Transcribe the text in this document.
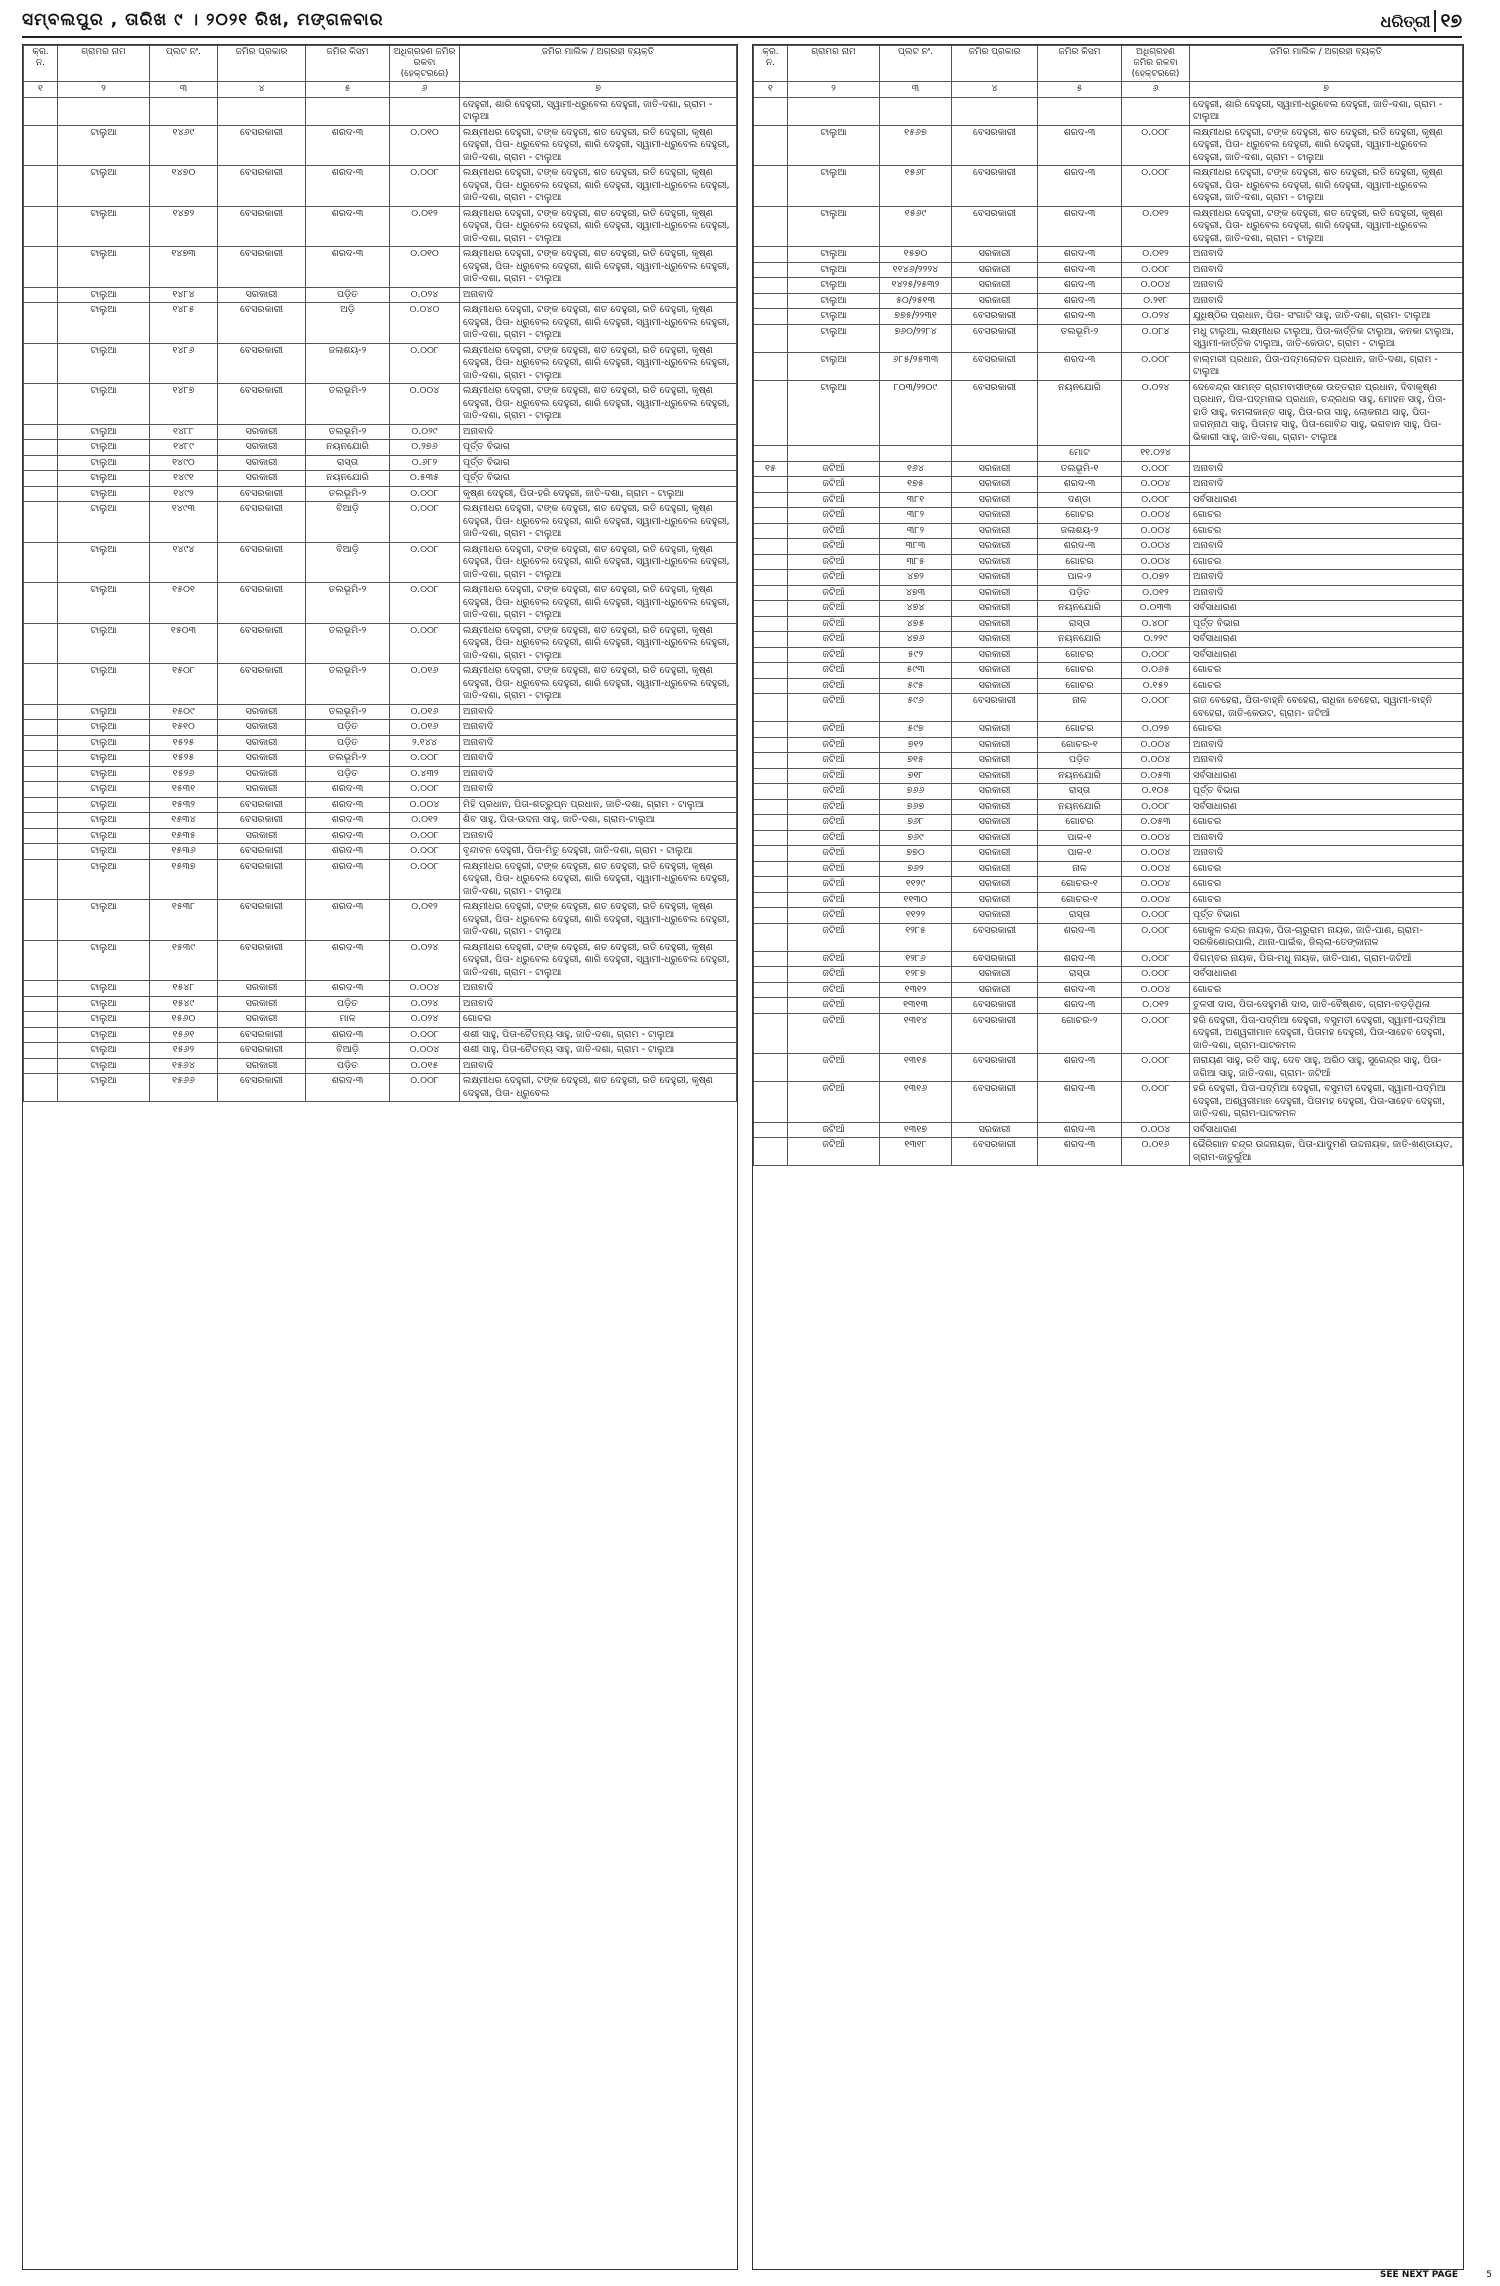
ସମ୍ବଲପୁର , ତାରିଖ ୯ । ୨୦୨୧ ରିଖ, ମଙ୍ଗଳବାର	ଧରିତ୍ରୀ ୧୭
କ୍ର. ନ.	ଗ୍ରାମର ନାମ	ପ୍ଲଟ ନଂ.	ଜମିର ପ୍ରକାର	ଜମିର କିସମ	ଅଧିଗ୍ରହଣ ଜମିର ରକବା (ହେକ୍ଟରରେ)	ଜମିର ମାଲିକ / ଅଗ୍ରହୀ ବ୍ୟକ୍ତି
୧	୨	୩	୪	୫	୬	୭
						ଦେହୁରୀ, ଶାରି ଦେହୁରୀ, ସ୍ୱାମୀ-ଧ୍ରୁବେଲ ଦେହୁରୀ, ଜାତି-ଦଶା, ଗ୍ରାମ - ଟାଲୁଆ
	ଟାଲୁଆ	୧୪୬୯	ବେସରକାରୀ	ଶରଦ-୩	୦.୦୧୦	ଲକ୍ଷ୍ମୀଧର ଦେହୁରୀ, ଟଙ୍କ ଦେହୁରୀ, ଶତ ଦେହୁରୀ, ରତି ଦେହୁରୀ, କୃଷ୍ଣ ଦେହୁରୀ, ପିତା- ଧ୍ରୁବେଲ ଦେହୁରୀ, ଶାରି ଦେହୁରୀ, ସ୍ୱାମୀ-ଧ୍ରୁବେଲ ଦେହୁରୀ, ଜାତି-ଦଶା, ଗ୍ରାମ - ଟାଲୁଆ
	ଟାଲୁଆ	୧୪୭୦	ବେସରକାରୀ	ଶରଦ-୩	୦.୦୦୮	ଲକ୍ଷ୍ମୀଧର ଦେହୁରୀ, ଟଙ୍କ ଦେହୁରୀ, ଶତ ଦେହୁରୀ, ରତି ଦେହୁରୀ, କୃଷ୍ଣ ଦେହୁରୀ, ପିତା- ଧ୍ରୁବେଲ ଦେହୁରୀ, ଶାରି ଦେହୁରୀ, ସ୍ୱାମୀ-ଧ୍ରୁବେଲ ଦେହୁରୀ, ଜାତି-ଦଶା, ଗ୍ରାମ - ଟାଲୁଆ
	ଟାଲୁଆ	୧୪୭୨	ବେସରକାରୀ	ଶରଦ-୩	୦.୦୧୨	ଲକ୍ଷ୍ମୀଧର ଦେହୁରୀ, ଟଙ୍କ ଦେହୁରୀ, ଶତ ଦେହୁରୀ, ରତି ଦେହୁରୀ, କୃଷ୍ଣ ଦେହୁରୀ, ପିତା- ଧ୍ରୁବେଲ ଦେହୁରୀ, ଶାରି ଦେହୁରୀ, ସ୍ୱାମୀ-ଧ୍ରୁବେଲ ଦେହୁରୀ, ଜାତି-ଦଶା, ଗ୍ରାମ - ଟାଲୁଆ
	ଟାଲୁଆ	୧୪୭୩	ବେସରକାରୀ	ଶରଦ-୩	୦.୦୧୦	ଲକ୍ଷ୍ମୀଧର ଦେହୁରୀ, ଟଙ୍କ ଦେହୁରୀ, ଶତ ଦେହୁରୀ, ରତି ଦେହୁରୀ, କୃଷ୍ଣ ଦେହୁରୀ, ପିତା- ଧ୍ରୁବେଲ ଦେହୁରୀ, ଶାରି ଦେହୁରୀ, ସ୍ୱାମୀ-ଧ୍ରୁବେଲ ଦେହୁରୀ, ଜାତି-ଦଶା, ଗ୍ରାମ - ଟାଲୁଆ
	ଟାଲୁଆ	୧୪୮୪	ସରକାରୀ	ପଡ଼ିତ	୦.୦୨୪	ଅନାବାଦି
	ଟାଲୁଆ	୧୪୮୫	ବେସରକାରୀ	ଅଡ଼ି	୦.୦୪୦	ଲକ୍ଷ୍ମୀଧର ଦେହୁରୀ, ଟଙ୍କ ଦେହୁରୀ, ଶତ ଦେହୁରୀ, ରତି ଦେହୁରୀ, କୃଷ୍ଣ ଦେହୁରୀ, ପିତା- ଧ୍ରୁବେଲ ଦେହୁରୀ, ଶାରି ଦେହୁରୀ, ସ୍ୱାମୀ-ଧ୍ରୁବେଲ ଦେହୁରୀ, ଜାତି-ଦଶା, ଗ୍ରାମ - ଟାଲୁଆ
	ଟାଲୁଆ	୧୪୮୬	ବେସରକାରୀ	ଜଳାଶୟ-୨	୦.୦୦୮	ଲକ୍ଷ୍ମୀଧର ଦେହୁରୀ, ଟଙ୍କ ଦେହୁରୀ, ଶତ ଦେହୁରୀ, ରତି ଦେହୁରୀ, କୃଷ୍ଣ ଦେହୁରୀ, ପିତା- ଧ୍ରୁବେଲ ଦେହୁରୀ, ଶାରି ଦେହୁରୀ, ସ୍ୱାମୀ-ଧ୍ରୁବେଲ ଦେହୁରୀ, ଜାତି-ଦଶା, ଗ୍ରାମ - ଟାଲୁଆ
	ଟାଲୁଆ	୧୪୮୭	ବେସରକାରୀ	ତଲଭୂମି-୨	୦.୦୦୪	ଲକ୍ଷ୍ମୀଧର ଦେହୁରୀ, ଟଙ୍କ ଦେହୁରୀ, ଶତ ଦେହୁରୀ, ରତି ଦେହୁରୀ, କୃଷ୍ଣ ଦେହୁରୀ, ପିତା- ଧ୍ରୁବେଲ ଦେହୁରୀ, ଶାରି ଦେହୁରୀ, ସ୍ୱାମୀ-ଧ୍ରୁବେଲ ଦେହୁରୀ, ଜାତି-ଦଶା, ଗ୍ରାମ - ଟାଲୁଆ
	ଟାଲୁଆ	୧୪୮୮	ସରକାରୀ	ତଲଭୂମି-୨	୦.୦୨୯	ଅନାବାଦି
	ଟାଲୁଆ	୧୪୮୯	ସରକାରୀ	ନୟନଯୋରି	୦.୨୭୬	ପୂର୍ତ୍ତ ବିଭାଗ
	ଟାଲୁଆ	୧୪୯୦	ସରକାରୀ	ରାସ୍ତା	୦.୬୮୨	ପୂର୍ତ୍ତ ବିଭାଗ
	ଟାଲୁଆ	୧୪୯୧	ସରକାରୀ	ନୟନଯୋରି	୦.୫୩୫	ପୂର୍ତ୍ତ ବିଭାଗ
	ଟାଲୁଆ	୧୪୯୨	ବେସରକାରୀ	ତଲଭୂମି-୨	୦.୦୦୮	କୃଷ୍ଣ ଦେହୁରୀ, ପିତା-ହରି ଦେହୁରୀ, ଜାତି-ଦଶା, ଗ୍ରାମ - ଟାଲୁଆ
	ଟାଲୁଆ	୧୪୯୩	ବେସରକାରୀ	ବିଆଡ଼ି	୦.୦୦୮	ଲକ୍ଷ୍ମୀଧର ଦେହୁରୀ, ଟଙ୍କ ଦେହୁରୀ, ଶତ ଦେହୁରୀ, ରତି ଦେହୁରୀ, କୃଷ୍ଣ ଦେହୁରୀ, ପିତା- ଧ୍ରୁବେଲ ଦେହୁରୀ, ଶାରି ଦେହୁରୀ, ସ୍ୱାମୀ-ଧ୍ରୁବେଲ ଦେହୁରୀ, ଜାତି-ଦଶା, ଗ୍ରାମ - ଟାଲୁଆ
	ଟାଲୁଆ	୧୪୯୪	ବେସରକାରୀ	ବିଆଡ଼ି	୦.୦୦୮	ଲକ୍ଷ୍ମୀଧର ଦେହୁରୀ, ଟଙ୍କ ଦେହୁରୀ, ଶତ ଦେହୁରୀ, ରତି ଦେହୁରୀ, କୃଷ୍ଣ ଦେହୁରୀ, ପିତା- ଧ୍ରୁବେଲ ଦେହୁରୀ, ଶାରି ଦେହୁରୀ, ସ୍ୱାମୀ-ଧ୍ରୁବେଲ ଦେହୁରୀ, ଜାତି-ଦଶା, ଗ୍ରାମ - ଟାଲୁଆ
	ଟାଲୁଆ	୧୫୦୧	ବେସରକାରୀ	ତଲଭୂମି-୨	୦.୦୦୮	ଲକ୍ଷ୍ମୀଧର ଦେହୁରୀ, ଟଙ୍କ ଦେହୁରୀ, ଶତ ଦେହୁରୀ, ରତି ଦେହୁରୀ, କୃଷ୍ଣ ଦେହୁରୀ, ପିତା- ଧ୍ରୁବେଲ ଦେହୁରୀ, ଶାରି ଦେହୁରୀ, ସ୍ୱାମୀ-ଧ୍ରୁବେଲ ଦେହୁରୀ, ଜାତି-ଦଶା, ଗ୍ରାମ - ଟାଲୁଆ
	ଟାଲୁଆ	୧୫୦୩	ବେସରକାରୀ	ତଲଭୂମି-୨	୦.୦୦୮	ଲକ୍ଷ୍ମୀଧର ଦେହୁରୀ, ଟଙ୍କ ଦେହୁରୀ, ଶତ ଦେହୁରୀ, ରତି ଦେହୁରୀ, କୃଷ୍ଣ ଦେହୁରୀ, ପିତା- ଧ୍ରୁବେଲ ଦେହୁରୀ, ଶାରି ଦେହୁରୀ, ସ୍ୱାମୀ-ଧ୍ରୁବେଲ ଦେହୁରୀ, ଜାତି-ଦଶା, ଗ୍ରାମ - ଟାଲୁଆ
	ଟାଲୁଆ	୧୫୦୮	ବେସରକାରୀ	ତଲଭୂମି-୨	୦.୦୧୬	ଲକ୍ଷ୍ମୀଧର ଦେହୁରୀ, ଟଙ୍କ ଦେହୁରୀ, ଶତ ଦେହୁରୀ, ରତି ଦେହୁରୀ, କୃଷ୍ଣ ଦେହୁରୀ, ପିତା- ଧ୍ରୁବେଲ ଦେହୁରୀ, ଶାରି ଦେହୁରୀ, ସ୍ୱାମୀ-ଧ୍ରୁବେଲ ଦେହୁରୀ, ଜାତି-ଦଶା, ଗ୍ରାମ - ଟାଲୁଆ
	ଟାଲୁଆ	୧୫୦୯	ସରକାରୀ	ତଲଭୂମି-୨	୦.୦୧୬	ଅନାବାଦି
	ଟାଲୁଆ	୧୫୧୦	ସରକାରୀ	ପଡ଼ିତ	୦.୦୧୬	ଅନାବାଦି
	ଟାଲୁଆ	୧୫୨୫	ସରକାରୀ	ପଡ଼ିତ	୨.୧୪୪	ଅନାବାଦି
	ଟାଲୁଆ	୧୫୨୫	ସରକାରୀ	ତଲଭୂମି-୨	୦.୦୦୮	ଅନାବାଦି
	ଟାଲୁଆ	୧୫୨୬	ସରକାରୀ	ପଡ଼ିତ	୦.୪୩୨	ଅନାବାଦି
	ଟାଲୁଆ	୧୫୩୧	ସରକାରୀ	ଶରଦ-୩	୦.୦୦୮	ଅନାବାଦି
	ଟାଲୁଆ	୧୫୩୨	ବେସରକାରୀ	ଶରଦ-୩	୦.୦୦୪	ମିହି ପ୍ରଧାନ, ପିତା-ଶତ୍ରୁଘ୍ନ ପ୍ରଧାନ, ଜାତି-ଦଶା, ଗ୍ରାମ - ଟାଲୁଆ
	ଟାଲୁଆ	୧୫୩୪	ବେସରକାରୀ	ଶରଦ-୩	୦.୦୧୨	ଶିବ ସାହୁ, ପିତା-ଉଦନା ସାହୁ, ଜାତି-ଦଶା, ଗ୍ରାମ-ଟାଲୁଆ
	ଟାଲୁଆ	୧୫୩୫	ସରକାରୀ	ଶରଦ-୩	୦.୦୦୮	ଅନାବାଦି
	ଟାଲୁଆ	୧୫୩୬	ବେସରକାରୀ	ଶରଦ-୩	୦.୦୦୮	ବୃନ୍ଦାବନ ଦେହୁରୀ, ପିତା-ମିତୁ ଦେହୁରୀ, ଜାତି-ଦଶା, ଗ୍ରାମ - ଟାଲୁଆ
	ଟାଲୁଆ	୧୫୩୭	ବେସରକାରୀ	ଶରଦ-୩	୦.୦୦୮	ଲକ୍ଷ୍ମୀଧର ଦେହୁରୀ, ଟଙ୍କ ଦେହୁରୀ, ଶତ ଦେହୁରୀ, ରତି ଦେହୁରୀ, କୃଷ୍ଣ ଦେହୁରୀ, ପିତା- ଧ୍ରୁବେଲ ଦେହୁରୀ, ଶାରି ଦେହୁରୀ, ସ୍ୱାମୀ-ଧ୍ରୁବେଲ ଦେହୁରୀ, ଜାତି-ଦଶା, ଗ୍ରାମ - ଟାଲୁଆ
	ଟାଲୁଆ	୧୫୩୮	ବେସରକାରୀ	ଶରଦ-୩	୦.୦୧୨	ଲକ୍ଷ୍ମୀଧର ଦେହୁରୀ, ଟଙ୍କ ଦେହୁରୀ, ଶତ ଦେହୁରୀ, ରତି ଦେହୁରୀ, କୃଷ୍ଣ ଦେହୁରୀ, ପିତା- ଧ୍ରୁବେଲ ଦେହୁରୀ, ଶାରି ଦେହୁରୀ, ସ୍ୱାମୀ-ଧ୍ରୁବେଲ ଦେହୁରୀ, ଜାତି-ଦଶା, ଗ୍ରାମ - ଟାଲୁଆ
	ଟାଲୁଆ	୧୫୩୯	ବେସରକାରୀ	ଶରଦ-୩	୦.୦୨୪	ଲକ୍ଷ୍ମୀଧର ଦେହୁରୀ, ଟଙ୍କ ଦେହୁରୀ, ଶତ ଦେହୁରୀ, ରତି ଦେହୁରୀ, କୃଷ୍ଣ ଦେହୁରୀ, ପିତା- ଧ୍ରୁବେଲ ଦେହୁରୀ, ଶାରି ଦେହୁରୀ, ସ୍ୱାମୀ-ଧ୍ରୁବେଲ ଦେହୁରୀ, ଜାତି-ଦଶା, ଗ୍ରାମ - ଟାଲୁଆ
	ଟାଲୁଆ	୧୫୪୮	ସରକାରୀ	ଶରଦ-୩	୦.୦୦୪	ଅନାବାଦି
	ଟାଲୁଆ	୧୫୪୯	ସରକାରୀ	ପଡ଼ିତ	୦.୦୨୪	ଅନାବାଦି
	ଟାଲୁଆ	୧୫୬୦	ସରକାରୀ	ମାଳ	୦.୦୨୪	ଗୋଚର
	ଟାଲୁଆ	୧୫୬୧	ବେସରକାରୀ	ଶରଦ-୩	୦.୦୦୮	ଶଶୀ ସାହୁ, ପିତା-ଚୈତନ୍ୟ ସାହୁ, ଜାତି-ଦଶା, ଗ୍ରାମ - ଟାଲୁଆ
	ଟାଲୁଆ	୧୫୬୨	ବେସରକାରୀ	ବିଆଡ଼ି	୦.୦୦୪	ଶଶୀ ସାହୁ, ପିତା-ଚୈତନ୍ୟ ସାହୁ, ଜାତି-ଦଶା, ଗ୍ରାମ - ଟାଲୁଆ
	ଟାଲୁଆ	୧୫୬୪	ସରକାରୀ	ପଡ଼ିତ	୦.୦୧୫	ଅନାବାଦି
	ଟାଲୁଆ	୧୫୬୬	ବେସରକାରୀ	ଶରଦ-୩	୦.୦୦୮	ଲକ୍ଷ୍ମୀଧର ଦେହୁରୀ, ଟଙ୍କ ଦେହୁରୀ, ଶତ ଦେହୁରୀ, ରତି ଦେହୁରୀ, କୃଷ୍ଣ ଦେହୁରୀ, ପିତା- ଧ୍ରୁବେଲ
କ୍ର. ନ.	ଗ୍ରାମର ନାମ	ପ୍ଲଟ ନଂ.	ଜମିର ପ୍ରକାର	ଜମିର କିସମ	ଅଧିଗ୍ରହଣ ଜମିର ରକବା (ହେକ୍ଟରରେ)	ଜମିର ମାଲିକ / ଅଗ୍ରହୀ ବ୍ୟକ୍ତି
୧	୨	୩	୪	୫	୬	୭
						ଦେହୁରୀ, ଶାରି ଦେହୁରୀ, ସ୍ୱାମୀ-ଧ୍ରୁବେଲ ଦେହୁରୀ, ଜାତି-ଦଶା, ଗ୍ରାମ - ଟାଲୁଆ
	ଟାଲୁଆ	୧୫୬୭	ବେସରକାରୀ	ଶରଦ-୩	୦.୦୦୮	ଲକ୍ଷ୍ମୀଧର ଦେହୁରୀ, ଟଙ୍କ ଦେହୁରୀ, ଶତ ଦେହୁରୀ, ରତି ଦେହୁରୀ, କୃଷ୍ଣ ଦେହୁରୀ, ପିତା- ଧ୍ରୁବେଲ ଦେହୁରୀ, ଶାରି ଦେହୁରୀ, ସ୍ୱାମୀ-ଧ୍ରୁବେଲ ଦେହୁରୀ, ଜାତି-ଦଶା, ଗ୍ରାମ - ଟାଲୁଆ
	ଟାଲୁଆ	୧୫୬୮	ବେସରକାରୀ	ଶରଦ-୩	୦.୦୦୮	ଲକ୍ଷ୍ମୀଧର ଦେହୁରୀ, ଟଙ୍କ ଦେହୁରୀ, ଶତ ଦେହୁରୀ, ରତି ଦେହୁରୀ, କୃଷ୍ଣ ଦେହୁରୀ, ପିତା- ଧ୍ରୁବେଲ ଦେହୁରୀ, ଶାରି ଦେହୁରୀ, ସ୍ୱାମୀ-ଧ୍ରୁବେଲ ଦେହୁରୀ, ଜାତି-ଦଶା, ଗ୍ରାମ - ଟାଲୁଆ
	ଟାଲୁଆ	୧୫୬୯	ବେସରକାରୀ	ଶରଦ-୩	୦.୦୧୨	ଲକ୍ଷ୍ମୀଧର ଦେହୁରୀ, ଟଙ୍କ ଦେହୁରୀ, ଶତ ଦେହୁରୀ, ରତି ଦେହୁରୀ, କୃଷ୍ଣ ଦେହୁରୀ, ପିତା- ଧ୍ରୁବେଲ ଦେହୁରୀ, ଶାରି ଦେହୁରୀ, ସ୍ୱାମୀ-ଧ୍ରୁବେଲ ଦେହୁରୀ, ଜାତି-ଦଶା, ଗ୍ରାମ - ଟାଲୁଆ
	ଟାଲୁଆ	୧୫୭୦	ସରକାରୀ	ଶରଦ-୩	୦.୦୧୨	ଅନାବାଦି
	ଟାଲୁଆ	୧୧୪୬/୨୨୨୪	ସରକାରୀ	ଶରଦ-୩	୦.୦୦୮	ଅନାବାଦି
	ଟାଲୁଆ	୧୪୨୫/୨୫୩୨	ସରକାରୀ	ଶରଦ-୩	୦.୦୦୪	ଅନାବାଦି
	ଟାଲୁଆ	୫୦/୨୫୧୩	ସରକାରୀ	ଶରଦ-୩	୦.୨୧୮	ଅନାବାଦି
	ଟାଲୁଆ	୭୭୫/୨୨୩୧	ବେସରକାରୀ	ଶରଦ-୩	୦.୦୨୪	ଯୁଧିଷ୍ଠିର ପ୍ରଧାନ, ପିତା- ସଂଗାଟି ସାହୁ, ଜାତି-ଦଶା, ଗ୍ରାମ- ଟାଲୁଆ
	ଟାଲୁଆ	୭୬୦/୨୨୮୪	ବେସରକାରୀ	ତଲଭୂମି-୨	୦.୦୮୪	ମଧୁ ଟାଲୁଆ, ଲକ୍ଷ୍ମୀଧର ଟାଲୁଆ, ପିତା-କାର୍ତ୍ତିକ ଟାଲୁଆ, କନକା ଟାଲୁଆ, ସ୍ୱାମୀ-କାର୍ତ୍ତିକ ଟାଲୁଆ, ଜାତି-କେଉଟ, ଗ୍ରାମ - ଟାଲୁଆ
	ଟାଲୁଆ	୬୮୫/୨୫୩୩	ବେସରକାରୀ	ଶରଦ-୩	୦.୦୦୮	ବାଲ୍ମରୀ ପ୍ରଧାନ, ପିତା-ପଦ୍ମଲୋଚନ ପ୍ରଧାନ, ଜାତି-ଦଶା, ଗ୍ରାମ - ଟାଲୁଆ
	ଟାଲୁଆ	୮୦୩/୨୨୦୯	ବେସରକାରୀ	ନୟନଯୋରି	୦.୦୨୪	ଦେବେନ୍ଦ୍ର ସାମନ୍ତ ଗ୍ରାମବାସୀଙ୍କେ ଉତ୍ତରାନ ପ୍ରଧାନ, ଦିବାକୃଷ୍ଣ ପ୍ରଧାନ, ପିତା-ପଦ୍ମନାଭ ପ୍ରଧାନ, ଚନ୍ଦ୍ରଧର ସାହୁ, ମୋହନ ସାହୁ, ପିତା-ହାଡି ସାହୁ, କମଳାକାନ୍ତ ସାହୁ, ପିତା-ରତା ସାହୁ, ଲୋକନାଥ ସାହୁ, ପିତା- ଜଗନ୍ନାଥ ସାହୁ, ପିତାମହ ସାହୁ, ପିତା-ଗୋବିନ୍ଦ ସାହୁ, ଭଗବାନ ସାହୁ, ପିତା-ଭିକାରୀ ସାହୁ, ଜାତି-ଦଶା, ଗ୍ରାମ- ଟାଲୁଆ
				ମୋଟ	୧୧.୦୨୪	
୧୫	ଜଟିଆଁ	୧୬୪	ସରକାରୀ	ତଲଭୂମି-୧	୦.୦୦୮	ଅନାବାଦି
	ଜଟିଆଁ	୧୭୫	ସରକାରୀ	ଶରଦ-୩	୦.୦୦୪	ଅନାବାଦି
	ଜଟିଆଁ	୩୮୧	ସରକାରୀ	ଦଣ୍ଡା	୦.୦୦୮	ସର୍ବସାଧାରଣ
	ଜଟିଆଁ	୩୮୨	ସରକାରୀ	ଗୋଚର	୦.୦୦୪	ଗୋଚର
	ଜଟିଆଁ	୩୮୨	ସରକାରୀ	ଜଳାଶୟ-୨	୦.୦୦୪	ଗୋଚର
	ଜଟିଆଁ	୩୮୩	ସରକାରୀ	ଶରଦ-୩	୦.୦୦୪	ଅନାବାଦି
	ଜଟିଆଁ	୩୮୫	ସରକାରୀ	ଗୋଚର	୦.୦୦୪	ଗୋଚର
	ଜଟିଆଁ	୪୭୨	ସରକାରୀ	ପାଳ-୨	୦.୦୭୨	ଅନାବାଦି
	ଜଟିଆଁ	୪୭୩	ସରକାରୀ	ପଡ଼ିତ	୦.୦୧୨	ଅନାବାଦି
	ଜଟିଆଁ	୪୭୪	ସରକାରୀ	ନୟନଯୋରି	୦.୦୩୩	ସର୍ବସାଧାରଣ
	ଜଟିଆଁ	୪୭୫	ସରକାରୀ	ରାସ୍ତା	୦.୪୦୮	ପୂର୍ତ୍ତ ବିଭାଗ
	ଜଟିଆଁ	୪୭୬	ସରକାରୀ	ନୟନଯୋରି	୦.୨୨୯	ସର୍ବସାଧାରଣ
	ଜଟିଆଁ	୫୯୨	ସରକାରୀ	ଗୋଚର	୦.୦୦୮	ସର୍ବସାଧାରଣ
	ଜଟିଆଁ	୫୯୩	ସରକାରୀ	ଗୋଚର	୦.୦୬୫	ଗୋଚର
	ଜଟିଆଁ	୫୯୫	ସରକାରୀ	ଗୋଚର	୦.୧୫୨	ଗୋଚର
	ଜଟିଆଁ	୫୯୬	ବେସରକାରୀ	ନାଳ	୦.୦୦୮	ଗଜ ବେହେରା, ପିତା-ବାହ୍ନି ବେହେରା, ରାଧିକା ବେହେରା, ସ୍ୱାମୀ-ବାହ୍ନି ବେହେରା, ଜାତି-କେଉଟ, ଗ୍ରାମ- ଜଟିଆଁ
	ଜଟିଆଁ	୫୯୭	ସରକାରୀ	ଗୋଚର	୦.୦୨୭	ଗୋଚର
	ଜଟିଆଁ	୭୧୨	ସରକାରୀ	ଗୋଚର-୧	୦.୦୦୪	ଅନାବାଦି
	ଜଟିଆଁ	୭୧୫	ସରକାରୀ	ପଡ଼ିତ	୦.୦୦୪	ଅନାବାଦି
	ଜଟିଆଁ	୭୧୮	ସରକାରୀ	ନୟନଯୋରି	୦.୦୫୩	ସର୍ବସାଧାରଣ
	ଜଟିଆଁ	୭୬୬	ସରକାରୀ	ରାସ୍ତା	୦.୧୦୫	ପୂର୍ତ୍ତ ବିଭାଗ
	ଜଟିଆଁ	୭୬୭	ସରକାରୀ	ନୟନଯୋରି	୦.୦୦୮	ସର୍ବସାଧାରଣ
	ଜଟିଆଁ	୭୬୮	ସରକାରୀ	ଗୋଚର	୦.୦୫୩	ଗୋଚର
	ଜଟିଆଁ	୭୬୯	ସରକାରୀ	ପାଳ-୧	୦.୦୦୪	ଅନାବାଦି
	ଜଟିଆଁ	୭୭୦	ସରକାରୀ	ପାଳ-୧	୦.୦୦୪	ଅନାବାଦି
	ଜଟିଆଁ	୭୬୨	ସରକାରୀ	ନାଳ	୦.୦୦୪	ଗୋଚର
	ଜଟିଆଁ	୧୧୨୯	ସରକାରୀ	ଗୋଚର-୧	୦.୦୦୪	ଗୋଚର
	ଜଟିଆଁ	୧୧୩୦	ସରକାରୀ	ଗୋଚର-୧	୦.୦୦୪	ଗୋଚର
	ଜଟିଆଁ	୧୧୨୨	ସରକାରୀ	ରାସ୍ତା	୦.୦୦୮	ପୂର୍ତ୍ତ ବିଭାଗ
	ଜଟିଆଁ	୧୨୮୫	ବେସରକାରୀ	ଶରଦ-୩	୦.୦୦୮	ଗୋକୁଳ ଚନ୍ଦ୍ର ନାୟକ, ପିତା-ଚାରୁରାମ ନାୟକ, ଜାତି-ପାଣ, ଗ୍ରାମ-ସରକିଶୋରପାଲି, ଥାନା-ପାଇଁକ, ଜିଲ୍ଲା-ତେଙ୍କାନାଳ
	ଜଟିଆଁ	୧୨୮୬	ବେସରକାରୀ	ଶରଦ-୩	୦.୦୦୮	ଦିଗମ୍ବର ନାୟକ, ପିତା-ମଧୁ ନାୟକ, ଜାତି-ପାଣ, ଗ୍ରାମ-ଜଟିଆଁ
	ଜଟିଆଁ	୧୨୮୭	ସରକାରୀ	ରାସ୍ତା	୦.୦୦୮	ସର୍ବସାଧାରଣ
	ଜଟିଆଁ	୧୩୧୨	ସରକାରୀ	ଶରଦ-୩	୦.୦୦୪	ଗୋଚର
	ଜଟିଆଁ	୧୩୧୩	ବେସରକାରୀ	ଶରଦ-୩	୦.୦୧୨	ତୁଳସୀ ଦାସ, ପିତା-ଦେହୁମଣି ଦାସ, ଜାତି-ବୈଷ୍ଣବ, ଗ୍ରାମ-ବଡ଼ଡ଼ିଥିଳା
	ଜଟିଆଁ	୧୩୧୪	ବେସରକାରୀ	ଗୋଚର-୨	୦.୦୦୮	ହରି ଦେହୁରୀ, ପିତା-ପଦ୍ମିଆ ଦେହୁରୀ, ବସୁମତୀ ଦେହୁରୀ, ସ୍ୱାମୀ-ପଦ୍ମିଆ ଦେହୁରୀ, ଅଶ୍ୱରୀମାନ ଦେହୁରୀ, ପିତାମହ ଦେହୁରୀ, ପିତା-ସାହେବ ଦେହୁରୀ, ଜାତି-ଦଶା, ଗ୍ରାମ-ପାଟକମଳ
	ଜଟିଆଁ	୧୩୧୫	ବେସରକାରୀ	ଶରଦ-୩	୦.୦୦୮	ନାରାୟଣ ସାହୁ, ରତି ସାହୁ, ଦେବ ସାହୁ, ଅରିଠ ସାହୁ, ସୁରେନ୍ଦ୍ର ସାହୁ, ପିତା-ଜଗିଆ ସାହୁ, ଜାତି-ଦଶା, ଗ୍ରାମ- ଜଟିଆଁ
	ଜଟିଆଁ	୧୩୧୬	ବେସରକାରୀ	ଶରଦ-୩	୦.୦୦୮	ହରି ଦେହୁରୀ, ପିତା-ପଦ୍ମିଆ ଦେହୁରୀ, ବସୁମତୀ ଦେହୁରୀ, ସ୍ୱାମୀ-ପଦ୍ମିଆ ଦେହୁରୀ, ଅଶ୍ୱରୀମାନ ଦେହୁରୀ, ପିତାମହ ଦେହୁରୀ, ପିତା-ସାହେବ ଦେହୁରୀ, ଜାତି-ଦଶା, ଗ୍ରାମ-ପାଟକମଳ
	ଜଟିଆଁ	୧୩୧୭	ସରକାରୀ	ଶରଦ-୩	୦.୦୦୪	ସର୍ବସାଧାରଣ
	ଜଟିଆଁ	୧୩୧୮	ବେସରକାରୀ	ଶରଦ-୩	୦.୦୧୬	ଭୈରିଗାନ ଚନ୍ଦ୍ର ଉଦ୍ଦନାୟକ, ପିତା-ଯାଦୁମଣି ଉଦ୍ଦନାୟକ, ଜାତି-ଖଣ୍ଡାୟତ, ଗ୍ରାମ-ଜାତୁର୍ଲୁଆ
SEE NEXT PAGE	5
